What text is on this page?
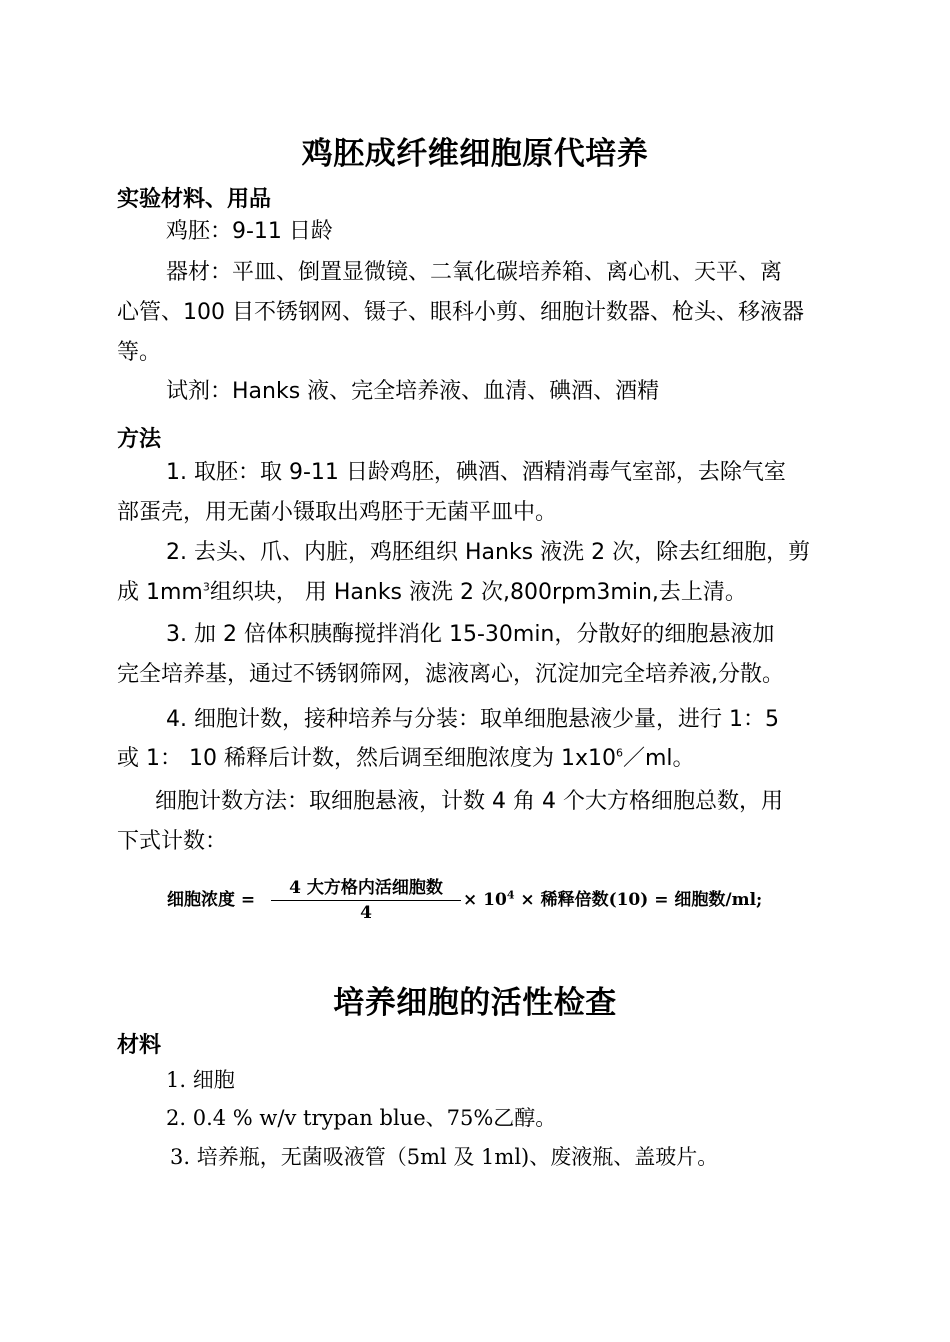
鸡胚成纤维细胞原代培养
实验材料、用品

鸡胚：9-11 日龄

器材：平皿、倒置显微镜、二氧化碳培养箱、离心机、天平、离

心管、100 目不锈钢网、镊子、眼科小剪、细胞计数器、枪头、移液器

等。

试剂：Hanks 液、完全培养液、血清、碘酒、酒精

方法

1. 取胚：取 9-11 日龄鸡胚，碘酒、酒精消毒气室部，去除气室

部蛋壳，用无菌小镊取出鸡胚于无菌平皿中。

2. 去头、爪、内脏，鸡胚组织 Hanks 液洗 2 次，除去红细胞，剪

成 $1mm^3$组织块， 用 Hanks 液洗 2 次,800rpm3min,去上清。

3. 加 2 倍体积胰酶搅拌消化 15-30min，分散好的细胞悬液加

完全培养基，通过不锈钢筛网，滤液离心，沉淀加完全培养液,分散。

4. 细胞计数，接种培养与分装：取单细胞悬液少量，进行 1：5

或 1： 10 稀释后计数，然后调至细胞浓度为 $1x10^6/ml$。

细胞计数方法：取细胞悬液，计数 4 角 4 个大方格细胞总数，用

下式计数：

细胞浓度 =
4 大方格内活细胞数
4
× $10^4$ × 稀释倍数(10) = 细胞数/ml;
培养细胞的活性检查
材料

1. 细胞

2. 0.4 % w/v trypan blue、75%乙醇。

3. 培养瓶，无菌吸液管（5ml 及 1ml)、废液瓶、盖玻片。
